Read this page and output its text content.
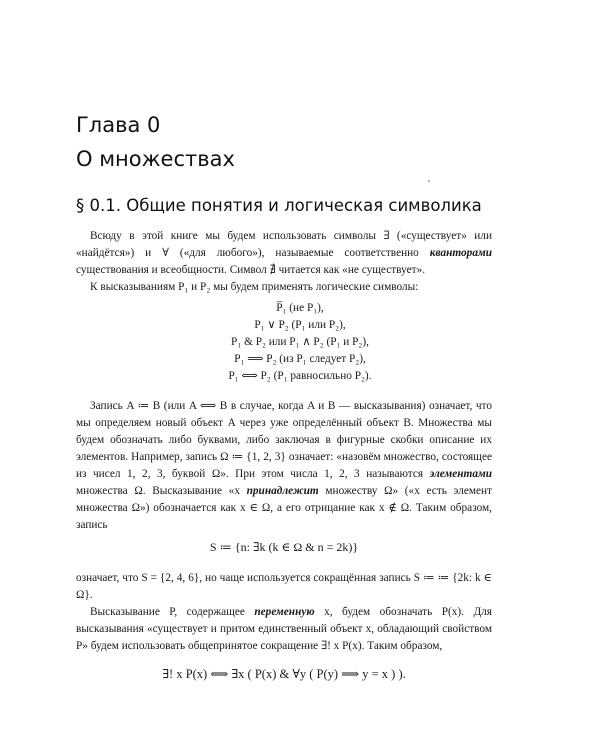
Глава 0
О множествах
§ 0.1. Общие понятия и логическая символика

Всюду в этой книге мы будем использовать символы ∃ («существует» или «найдётся») и ∀ («для любого»), называемые соответственно кванторами существования и всеобщности. Символ ∄ читается как «не существует».

К высказываниям P₁ и P₂ мы будем применять логические символы:

P̅₁ (не P₁),
P₁ ∨ P₂ (P₁ или P₂),
P₁ & P₂ или P₁ ∧ P₂ (P₁ и P₂),
P₁ ⟹ P₂ (из P₁ следует P₂),
P₁ ⟺ P₂ (P₁ равносильно P₂).

Запись A ≔ B (или A ⟺ B в случае, когда A и B — высказывания) означает, что мы определяем новый объект A через уже определённый объект B. Множества мы будем обозначать либо буквами, либо заключая в фигурные скобки описание их элементов. Например, запись Ω ≔ {1, 2, 3} означает: «назовём множество, состоящее из чисел 1, 2, 3, буквой Ω». При этом числа 1, 2, 3 называются элементами множества Ω. Высказывание «x принадлежит множеству Ω» («x есть элемент множества Ω») обозначается как x ∈ Ω, а его отрицание как x ∉ Ω. Таким образом, запись

S ≔ {n: ∃k (k ∈ Ω & n = 2k)}

означает, что S = {2, 4, 6}, но чаще используется сокращённая запись S ≔ ≔ {2k: k ∈ Ω}.

Высказывание P, содержащее переменную x, будем обозначать P(x). Для высказывания «существует и притом единственный объект x, обладающий свойством P» будем использовать общепринятое сокращение ∃! x P(x). Таким образом,

∃! x P(x) ⟺ ∃x ( P(x) & ∀y ( P(y) ⟹ y = x ) ).
